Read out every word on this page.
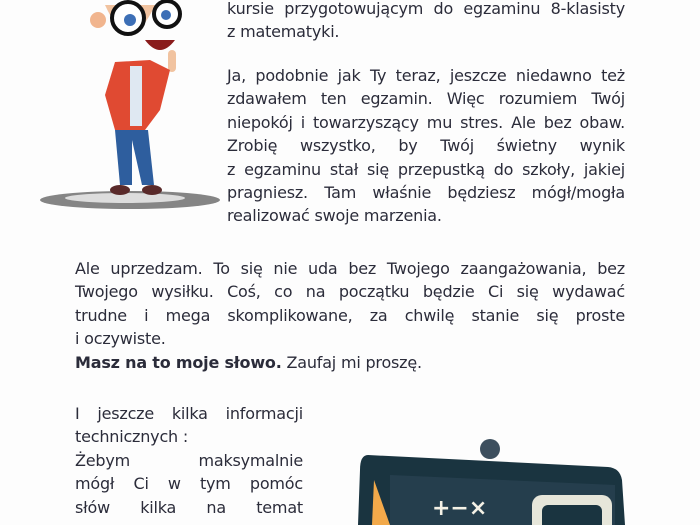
kursie przygotowującym do egzaminu 8-klasisty
z matematyki.
Ja, podobnie jak Ty teraz, jeszcze niedawno też
zdawałem ten egzamin. Więc rozumiem Twój
niepokój i towarzyszący mu stres. Ale bez obaw.
Zrobię wszystko, by Twój świetny wynik
z egzaminu stał się przepustką do szkoły, jakiej
pragniesz. Tam właśnie będziesz mógł/mogła
realizować swoje marzenia.
Ale uprzedzam. To się nie uda bez Twojego zaangażowania, bez
Twojego wysiłku. Coś, co na początku będzie Ci się wydawać
trudne i mega skomplikowane, za chwilę stanie się proste
i oczywiste.
Masz na to moje słowo. Zaufaj mi proszę.
I jeszcze kilka informacji
technicznych :
Żebym maksymalnie
mógł Ci w tym pomóc
słów kilka na temat	+−×
